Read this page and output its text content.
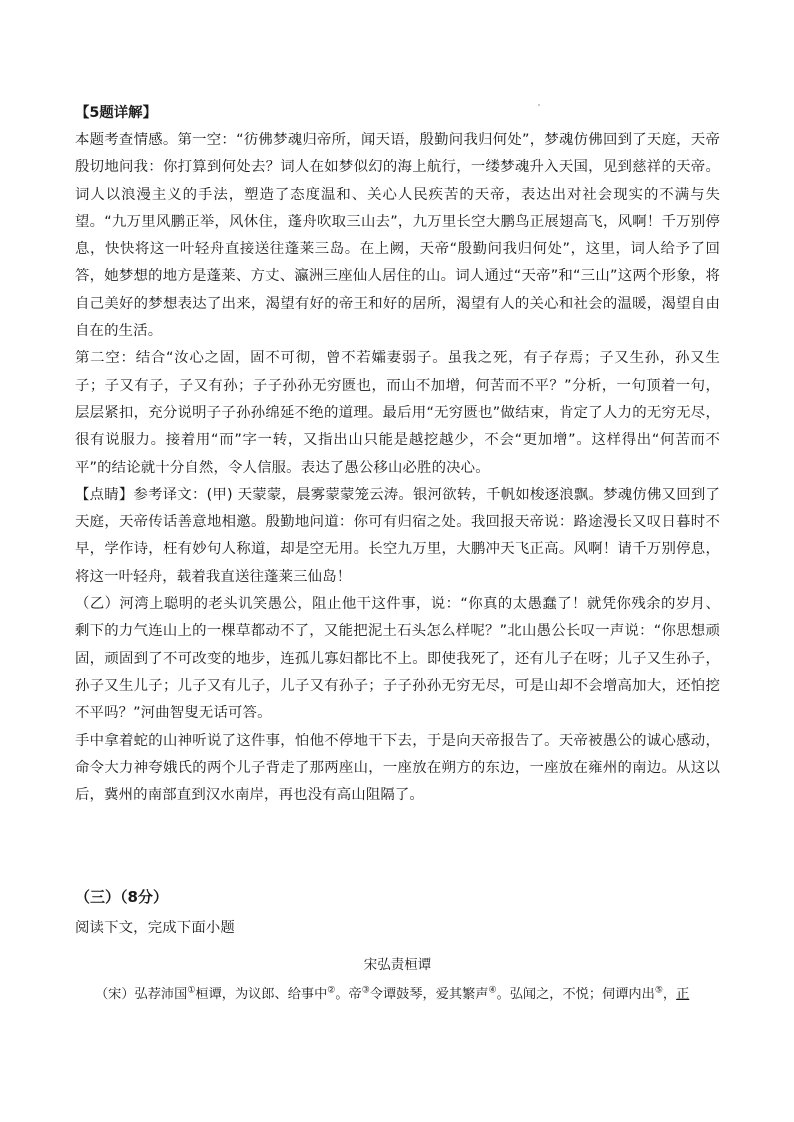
【5题详解】

本题考查情感。第一空：“彷佛梦魂归帝所，闻天语，殷勤问我归何处”，梦魂仿佛回到了天庭，天帝殷切地问我：你打算到何处去？词人在如梦似幻的海上航行，一缕梦魂升入天国，见到慈祥的天帝。词人以浪漫主义的手法，塑造了态度温和、关心人民疾苦的天帝，表达出对社会现实的不满与失望。“九万里风鹏正举，风休住，蓬舟吹取三山去”，九万里长空大鹏鸟正展翅高飞，风啊！千万别停息，快快将这一叶轻舟直接送往蓬莱三岛。在上阙，天帝“殷勤问我归何处”，这里，词人给予了回答，她梦想的地方是蓬莱、方丈、瀛洲三座仙人居住的山。词人通过“天帝”和“三山”这两个形象，将自己美好的梦想表达了出来，渴望有好的帝王和好的居所，渴望有人的关心和社会的温暖，渴望自由自在的生活。

第二空：结合“汝心之固，固不可彻，曾不若孀妻弱子。虽我之死，有子存焉；子又生孙，孙又生子；子又有子，子又有孙；子子孙孙无穷匮也，而山不加增，何苦而不平？”分析，一句顶着一句，层层紧扣，充分说明子子孙孙绵延不绝的道理。最后用“无穷匮也”做结束，肯定了人力的无穷无尽，很有说服力。接着用“而”字一转，又指出山只能是越挖越少，不会“更加增”。这样得出“何苦而不平”的结论就十分自然，令人信服。表达了愚公移山必胜的决心。

【点睛】参考译文：(甲) 天蒙蒙，晨雾蒙蒙笼云涛。银河欲转，千帆如梭逐浪飘。梦魂仿佛又回到了天庭，天帝传话善意地相邀。殷勤地问道：你可有归宿之处。我回报天帝说：路途漫长又叹日暮时不早，学作诗，枉有妙句人称道，却是空无用。长空九万里，大鹏冲天飞正高。风啊！请千万别停息，将这一叶轻舟，载着我直送往蓬莱三仙岛！

（乙）河湾上聪明的老头讥笑愚公，阻止他干这件事，说：“你真的太愚蠢了！就凭你残余的岁月、剩下的力气连山上的一棵草都动不了，又能把泥土石头怎么样呢？”北山愚公长叹一声说：“你思想顽固，顽固到了不可改变的地步，连孤儿寡妇都比不上。即使我死了，还有儿子在呀；儿子又生孙子，孙子又生儿子；儿子又有儿子，儿子又有孙子；子子孙孙无穷无尽，可是山却不会增高加大，还怕挖不平吗？”河曲智叟无话可答。

手中拿着蛇的山神听说了这件事，怕他不停地干下去，于是向天帝报告了。天帝被愚公的诚心感动，命令大力神夸娥氏的两个儿子背走了那两座山，一座放在朔方的东边，一座放在雍州的南边。从这以后，冀州的南部直到汉水南岸，再也没有高山阻隔了。

（三）（8分）

阅读下文，完成下面小题

宋弘责桓谭

（宋）弘荐沛国①桓谭，为议郎、给事中②。帝③令谭鼓琴，爱其繁声④。弘闻之，不悦；伺谭内出⑤，正
